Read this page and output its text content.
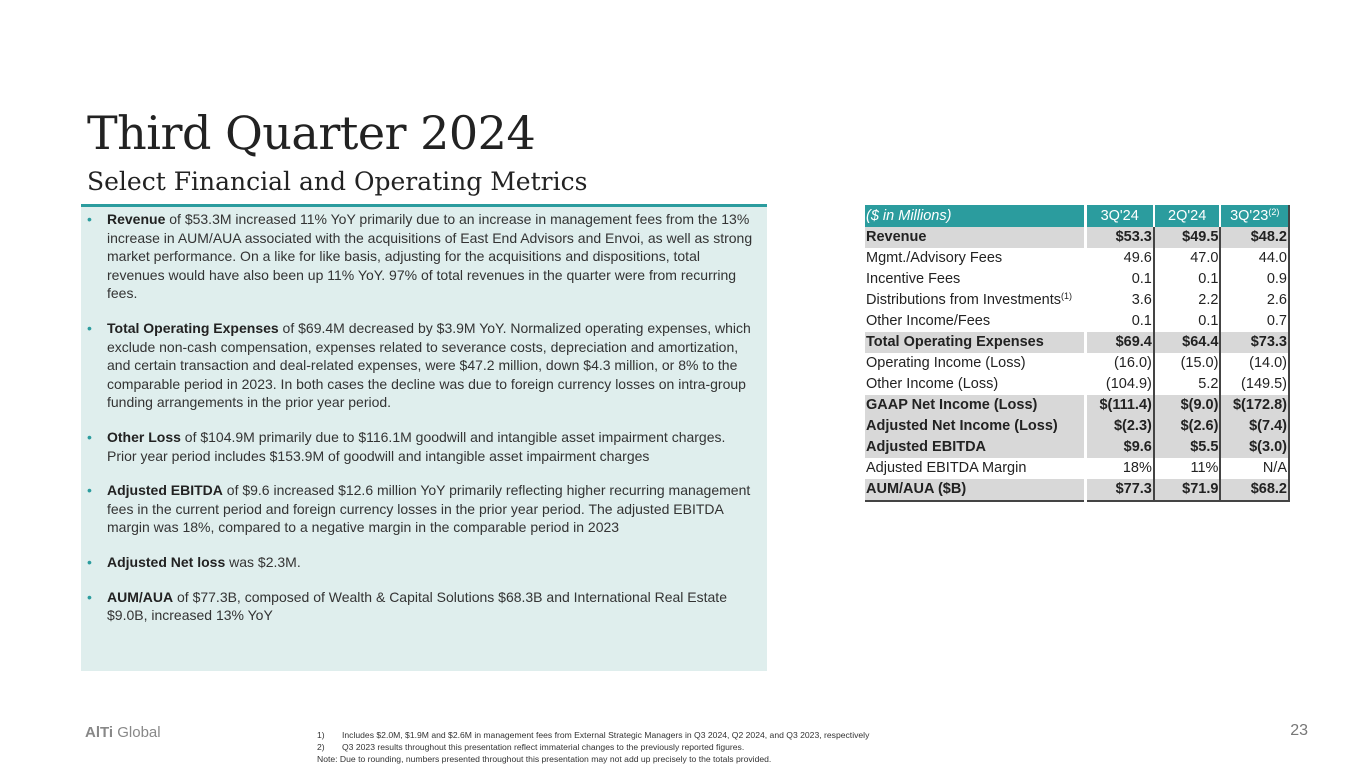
Third Quarter 2024
Select Financial and Operating Metrics
• Revenue of $53.3M increased 11% YoY primarily due to an increase in management fees from the 13% increase in AUM/AUA associated with the acquisitions of East End Advisors and Envoi, as well as strong market performance. On a like for like basis, adjusting for the acquisitions and dispositions, total revenues would have also been up 11% YoY. 97% of total revenues in the quarter were from recurring fees.
• Total Operating Expenses of $69.4M decreased by $3.9M YoY. Normalized operating expenses, which exclude non-cash compensation, expenses related to severance costs, depreciation and amortization, and certain transaction and deal-related expenses, were $47.2 million, down $4.3 million, or 8% to the comparable period in 2023. In both cases the decline was due to foreign currency losses on intra-group funding arrangements in the prior year period.
• Other Loss of $104.9M primarily due to $116.1M goodwill and intangible asset impairment charges. Prior year period includes $153.9M of goodwill and intangible asset impairment charges
• Adjusted EBITDA of $9.6 increased $12.6 million YoY primarily reflecting higher recurring management fees in the current period and foreign currency losses in the prior year period. The adjusted EBITDA margin was 18%, compared to a negative margin in the comparable period in 2023
• Adjusted Net loss was $2.3M.
• AUM/AUA of $77.3B, composed of Wealth & Capital Solutions $68.3B and International Real Estate $9.0B, increased 13% YoY
($ in Millions)	3Q'24	2Q'24	3Q'23$^{(2)}$
Revenue	$53.3	$49.5	$48.2
Mgmt./Advisory Fees	49.6	47.0	44.0
Incentive Fees	0.1	0.1	0.9
Distributions from Investments$^{(1)}$	3.6	2.2	2.6
Other Income/Fees	0.1	0.1	0.7
Total Operating Expenses	$69.4	$64.4	$73.3
Operating Income (Loss)	(16.0)	(15.0)	(14.0)
Other Income (Loss)	(104.9)	5.2	(149.5)
GAAP Net Income (Loss)	$(111.4)	$(9.0)	$(172.8)
Adjusted Net Income (Loss)	$(2.3)	$(2.6)	$(7.4)
Adjusted EBITDA	$9.6	$5.5	$(3.0)
Adjusted EBITDA Margin	18%	11%	N/A
AUM/AUA ($B)	$77.3	$71.9	$68.2
AlTi Global	1) Includes $2.0M, $1.9M and $2.6M in management fees from External Strategic Managers in Q3 2024, Q2 2024, and Q3 2023, respectively
2) Q3 2023 results throughout this presentation reflect immaterial changes to the previously reported figures.
Note: Due to rounding, numbers presented throughout this presentation may not add up precisely to the totals provided.
23
